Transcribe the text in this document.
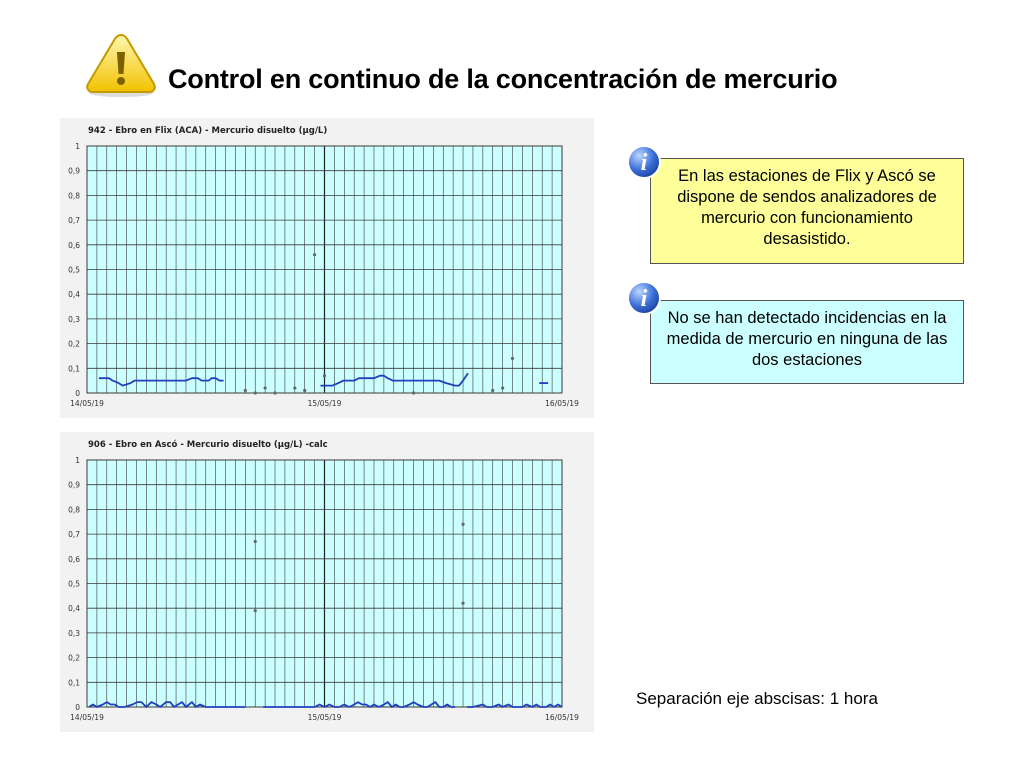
Control en continuo de la concentración de mercurio
942 - Ebro en Flix (ACA) - Mercurio disuelto (µg/L)
0
0,1
0,2
0,3
0,4
0,5
0,6
0,7
0,8
0,9
1
14/05/19	15/05/19	16/05/19
906 - Ebro en Ascó - Mercurio disuelto (µg/L) -calc
0
0,1
0,2
0,3
0,4
0,5
0,6
0,7
0,8
0,9
1
14/05/19	15/05/19	16/05/19
En las estaciones de Flix y Ascó se dispone de sendos analizadores de mercurio con funcionamiento desasistido.
i
No se han detectado incidencias en la medida de mercurio en ninguna de las dos estaciones
i
Separación eje abscisas: 1 hora
